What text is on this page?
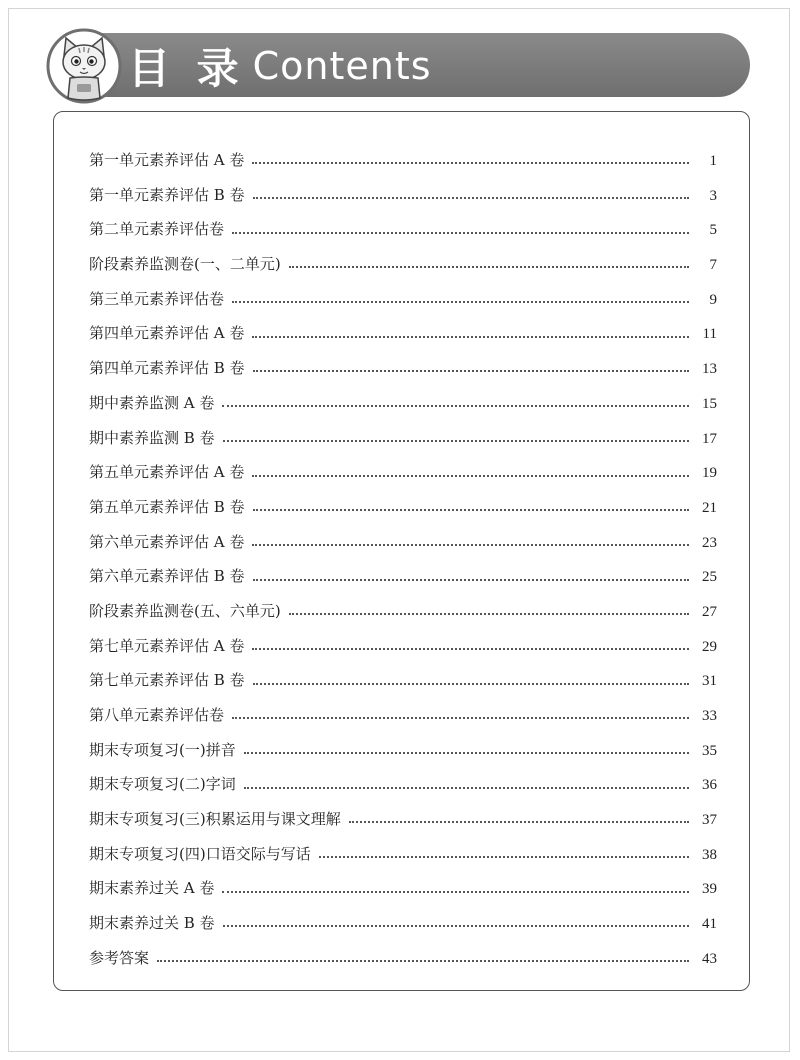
目 录 Contents
第一单元素养评估 A 卷	1
第一单元素养评估 B 卷	3
第二单元素养评估卷	5
阶段素养监测卷(一、二单元)	7
第三单元素养评估卷	9
第四单元素养评估 A 卷	11
第四单元素养评估 B 卷	13
期中素养监测 A 卷	15
期中素养监测 B 卷	17
第五单元素养评估 A 卷	19
第五单元素养评估 B 卷	21
第六单元素养评估 A 卷	23
第六单元素养评估 B 卷	25
阶段素养监测卷(五、六单元)	27
第七单元素养评估 A 卷	29
第七单元素养评估 B 卷	31
第八单元素养评估卷	33
期末专项复习(一)拼音	35
期末专项复习(二)字词	36
期末专项复习(三)积累运用与课文理解	37
期末专项复习(四)口语交际与写话	38
期末素养过关 A 卷	39
期末素养过关 B 卷	41
参考答案	43
